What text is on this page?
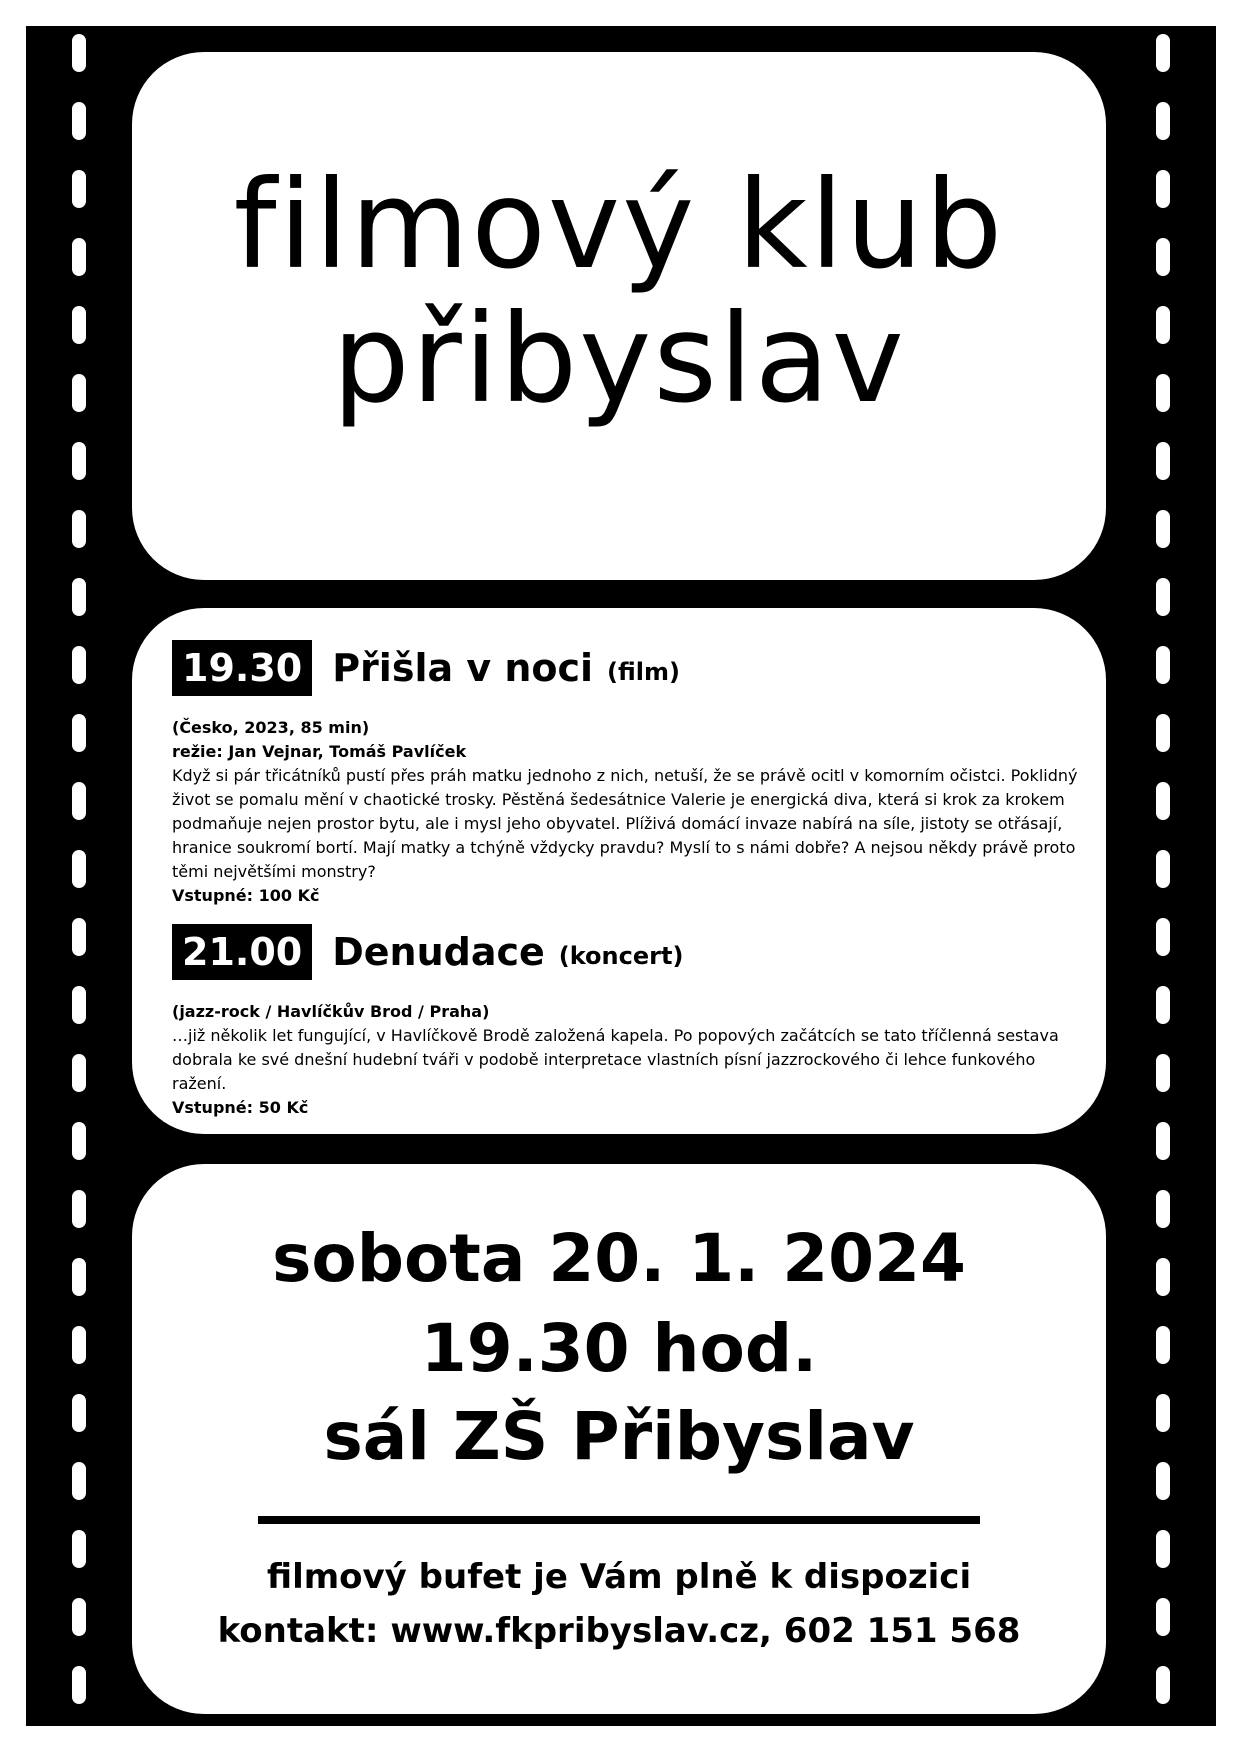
filmový klub
přibyslav
19.30 Přišla v noci (film)
(Česko, 2023, 85 min)
režie: Jan Vejnar, Tomáš Pavlíček
Když si pár třicátníků pustí přes práh matku jednoho z nich, netuší, že se právě ocitl v komorním očistci. Poklidný život se pomalu mění v chaotické trosky. Pěstěná šedesátnice Valerie je energická diva, která si krok za krokem podmaňuje nejen prostor bytu, ale i mysl jeho obyvatel. Plíživá domácí invaze nabírá na síle, jistoty se otřásají, hranice soukromí bortí. Mají matky a tchýně vždycky pravdu? Myslí to s námi dobře? A nejsou někdy právě proto těmi největšími monstry?
Vstupné: 100 Kč
21.00 Denudace (koncert)
(jazz-rock / Havlíčkův Brod / Praha)
…již několik let fungující, v Havlíčkově Brodě založená kapela. Po popových začátcích se tato tříčlenná sestava dobrala ke své dnešní hudební tváři v podobě interpretace vlastních písní jazzrockového či lehce funkového ražení.
Vstupné: 50 Kč
sobota 20. 1. 2024
19.30 hod.
sál ZŠ Přibyslav
filmový bufet je Vám plně k dispozici
kontakt: www.fkpribyslav.cz, 602 151 568
